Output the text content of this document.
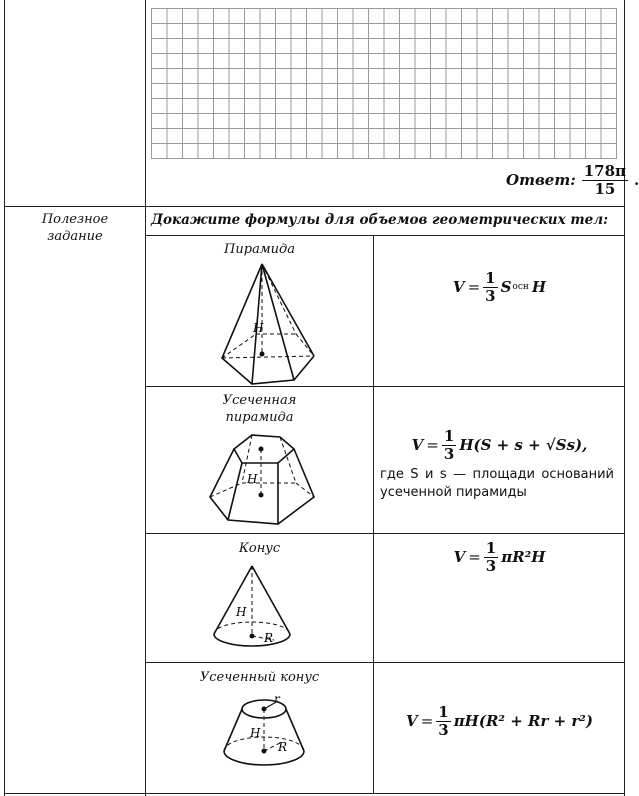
Ответ: $\frac{178\pi}{15}$ .
Полезное
задание
Докажите формулы для объемов геометрических тел:
Пирамида
H
$V = \frac{1}{3}$ S осн H
Усеченная
пирамида
H
$V = \frac{1}{3} H(S + s + √Ss)$,
где S и s — площади оснований усеченной пирамиды
Конус
H
R
$V = \frac{1}{3} \pi R^2H$
Усеченный конус
r
H
R
$V = \frac{1}{3} \pi H(R^2 + Rr + r^2)$
